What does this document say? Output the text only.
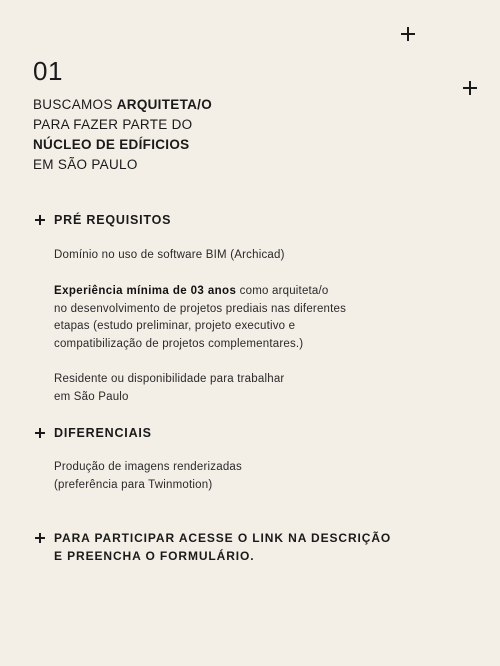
01
BUSCAMOS ARQUITETA/O
PARA FAZER PARTE DO
NÚCLEO DE EDÍFICIOS
EM SÃO PAULO
PRÉ REQUISITOS
Domínio no uso de software BIM (Archicad)
Experiência mínima de 03 anos como arquiteta/o
no desenvolvimento de projetos prediais nas diferentes
etapas (estudo preliminar, projeto executivo e
compatibilização de projetos complementares.)
Residente ou disponibilidade para trabalhar
em São Paulo
DIFERENCIAIS
Produção de imagens renderizadas
(preferência para Twinmotion)
PARA PARTICIPAR ACESSE O LINK NA DESCRIÇÃO
E PREENCHA O FORMULÁRIO.
